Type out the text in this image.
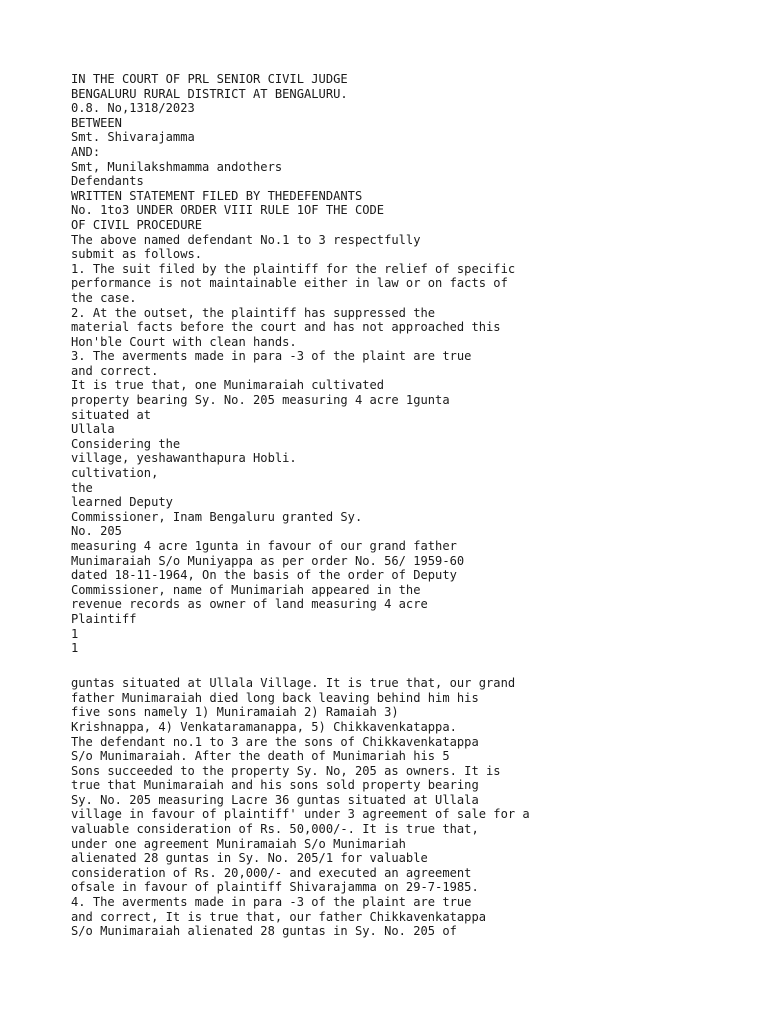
IN THE COURT OF PRL SENIOR CIVIL JUDGE
BENGALURU RURAL DISTRICT AT BENGALURU.
0.8. No,1318/2023
BETWEEN
Smt. Shivarajamma
AND:
Smt, Munilakshmamma andothers
Defendants
WRITTEN STATEMENT FILED BY THEDEFENDANTS
No. 1to3 UNDER ORDER VIII RULE 1OF THE CODE
OF CIVIL PROCEDURE
The above named defendant No.1 to 3 respectfully
submit as follows.
1. The suit filed by the plaintiff for the relief of specific
performance is not maintainable either in law or on facts of
the case.
2. At the outset, the plaintiff has suppressed the
material facts before the court and has not approached this
Hon'ble Court with clean hands.
3. The averments made in para -3 of the plaint are true
and correct.
It is true that, one Munimaraiah cultivated
property bearing Sy. No. 205 measuring 4 acre 1gunta
situated at
Ullala
Considering the
village, yeshawanthapura Hobli.
cultivation,
the
learned Deputy
Commissioner, Inam Bengaluru granted Sy.
No. 205
measuring 4 acre 1gunta in favour of our grand father
Munimaraiah S/o Muniyappa as per order No. 56/ 1959-60
dated 18-11-1964, On the basis of the order of Deputy
Commissioner, name of Munimariah appeared in the
revenue records as owner of land measuring 4 acre
Plaintiff
1
1
guntas situated at Ullala Village. It is true that, our grand
father Munimaraiah died long back leaving behind him his
five sons namely 1) Muniramaiah 2) Ramaiah 3)
Krishnappa, 4) Venkataramanappa, 5) Chikkavenkatappa.
The defendant no.1 to 3 are the sons of Chikkavenkatappa
S/o Munimaraiah. After the death of Munimariah his 5
Sons succeeded to the property Sy. No, 205 as owners. It is
true that Munimaraiah and his sons sold property bearing
Sy. No. 205 measuring Lacre 36 guntas situated at Ullala
village in favour of plaintiff' under 3 agreement of sale for a
valuable consideration of Rs. 50,000/-. It is true that,
under one agreement Muniramaiah S/o Munimariah
alienated 28 guntas in Sy. No. 205/1 for valuable
consideration of Rs. 20,000/- and executed an agreement
ofsale in favour of plaintiff Shivarajamma on 29-7-1985.
4. The averments made in para -3 of the plaint are true
and correct, It is true that, our father Chikkavenkatappa
S/o Munimaraiah alienated 28 guntas in Sy. No. 205 of
